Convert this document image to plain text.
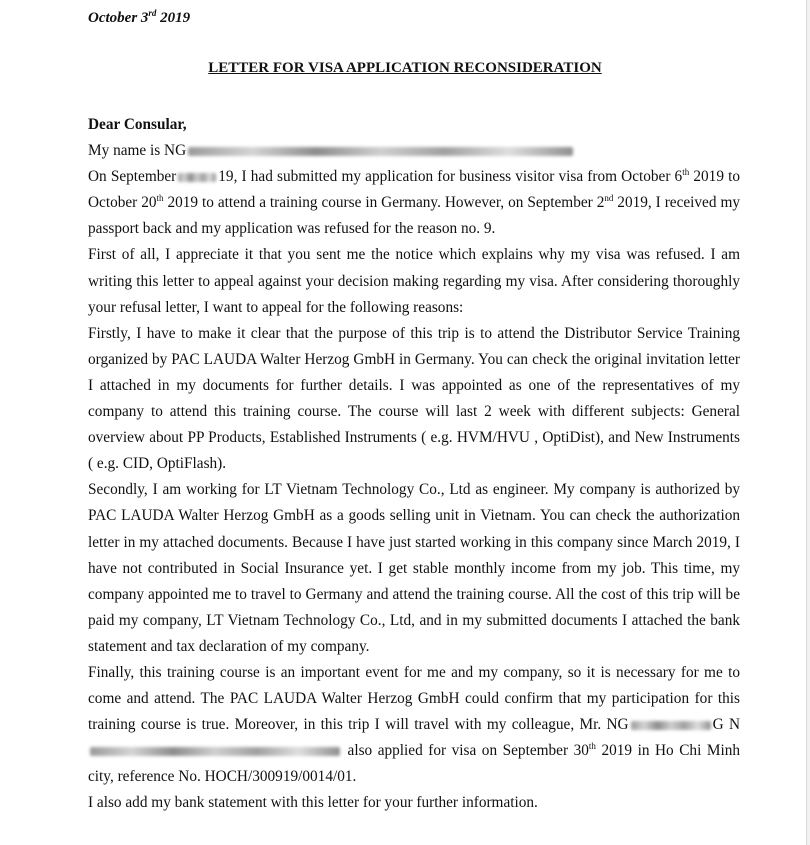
October 3rd 2019
LETTER FOR VISA APPLICATION RECONSIDERATION

Dear Consular,

My name is NG

On September	19, I had submitted my application for business visitor visa from October 6th 2019 to October 20th 2019 to attend a training course in Germany. However, on September 2nd 2019, I received my passport back and my application was refused for the reason no. 9.

First of all, I appreciate it that you sent me the notice which explains why my visa was refused. I am writing this letter to appeal against your decision making regarding my visa. After considering thoroughly your refusal letter, I want to appeal for the following reasons:

Firstly, I have to make it clear that the purpose of this trip is to attend the Distributor Service Training organized by PAC LAUDA Walter Herzog GmbH in Germany. You can check the original invitation letter I attached in my documents for further details. I was appointed as one of the representatives of my company to attend this training course. The course will last 2 week with different subjects: General overview about PP Products, Established Instruments ( e.g. HVM/HVU , OptiDist), and New Instruments ( e.g. CID, OptiFlash).

Secondly, I am working for LT Vietnam Technology Co., Ltd as engineer. My company is authorized by PAC LAUDA Walter Herzog GmbH as a goods selling unit in Vietnam. You can check the authorization letter in my attached documents. Because I have just started working in this company since March 2019, I have not contributed in Social Insurance yet. I get stable monthly income from my job. This time, my company appointed me to travel to Germany and attend the training course. All the cost of this trip will be paid my company, LT Vietnam Technology Co., Ltd, and in my submitted documents I attached the bank statement and tax declaration of my company.

Finally, this training course is an important event for me and my company, so it is necessary for me to come and attend. The PAC LAUDA Walter Herzog GmbH could confirm that my participation for this training course is true. Moreover, in this trip I will travel with my colleague, Mr. NG	G N also applied for visa on September 30th 2019 in Ho Chi Minh city, reference No. HOCH/300919/0014/01.

I also add my bank statement with this letter for your further information.
